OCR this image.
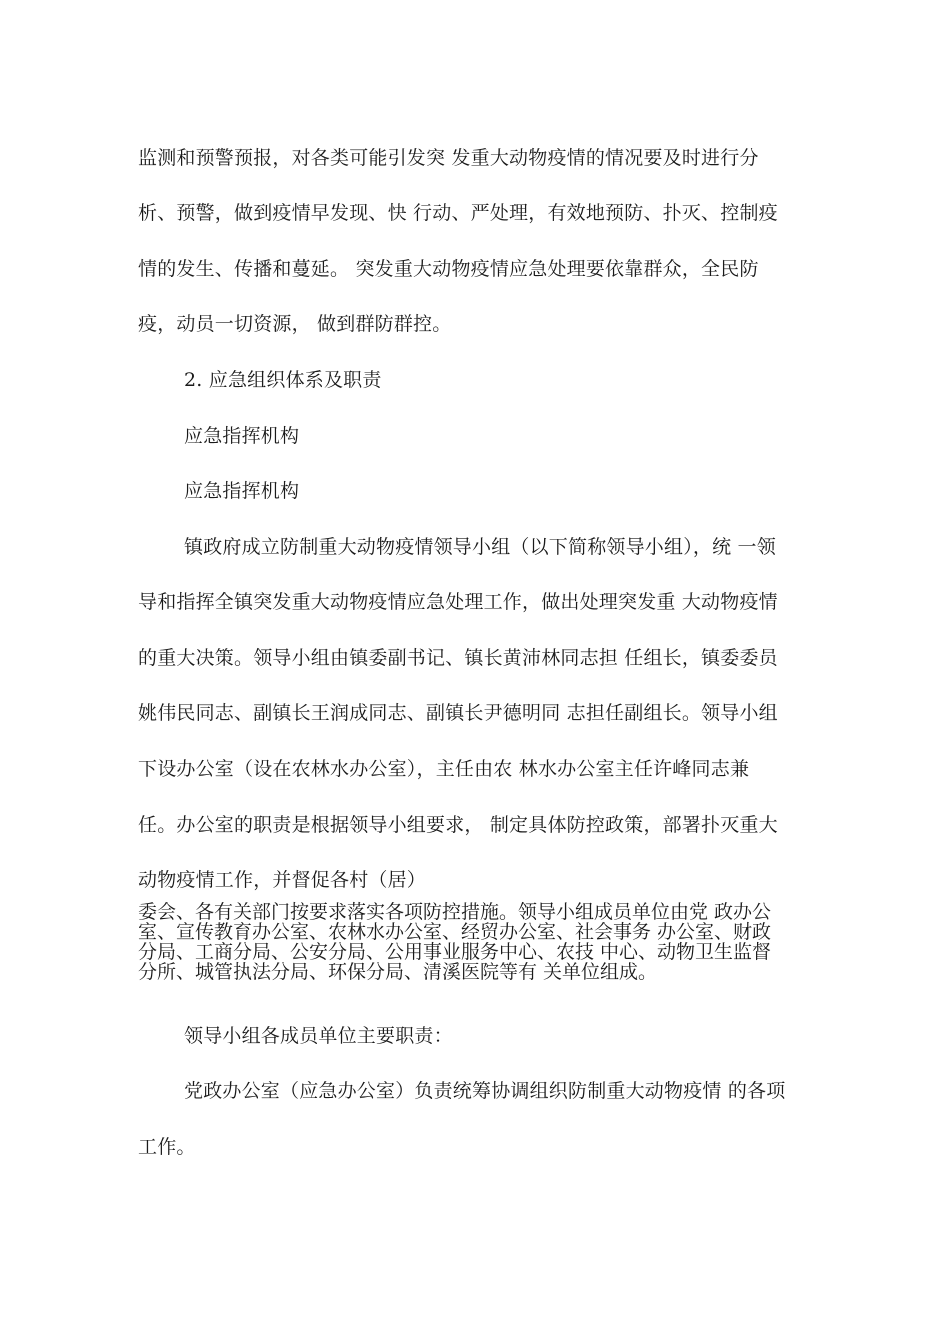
监测和预警预报，对各类可能引发突 发重大动物疫情的情况要及时进行分
析、预警，做到疫情早发现、快 行动、严处理，有效地预防、扑灭、控制疫
情的发生、传播和蔓延。 突发重大动物疫情应急处理要依靠群众，全民防
疫，动员一切资源， 做到群防群控。
2. 应急组织体系及职责
应急指挥机构
应急指挥机构
镇政府成立防制重大动物疫情领导小组（以下简称领导小组），统 一领
导和指挥全镇突发重大动物疫情应急处理工作，做出处理突发重 大动物疫情
的重大决策。领导小组由镇委副书记、镇长黄沛林同志担 任组长，镇委委员
姚伟民同志、副镇长王润成同志、副镇长尹德明同 志担任副组长。领导小组
下设办公室（设在农林水办公室），主任由农 林水办公室主任许峰同志兼
任。办公室的职责是根据领导小组要求， 制定具体防控政策，部署扑灭重大
动物疫情工作，并督促各村（居）
委会、各有关部门按要求落实各项防控措施。领导小组成员单位由党 政办公
室、宣传教育办公室、农林水办公室、经贸办公室、社会事务 办公室、财政
分局、工商分局、公安分局、公用事业服务中心、农技 中心、动物卫生监督
分所、城管执法分局、环保分局、清溪医院等有 关单位组成。
领导小组各成员单位主要职责：
党政办公室（应急办公室）负责统筹协调组织防制重大动物疫情 的各项
工作。
